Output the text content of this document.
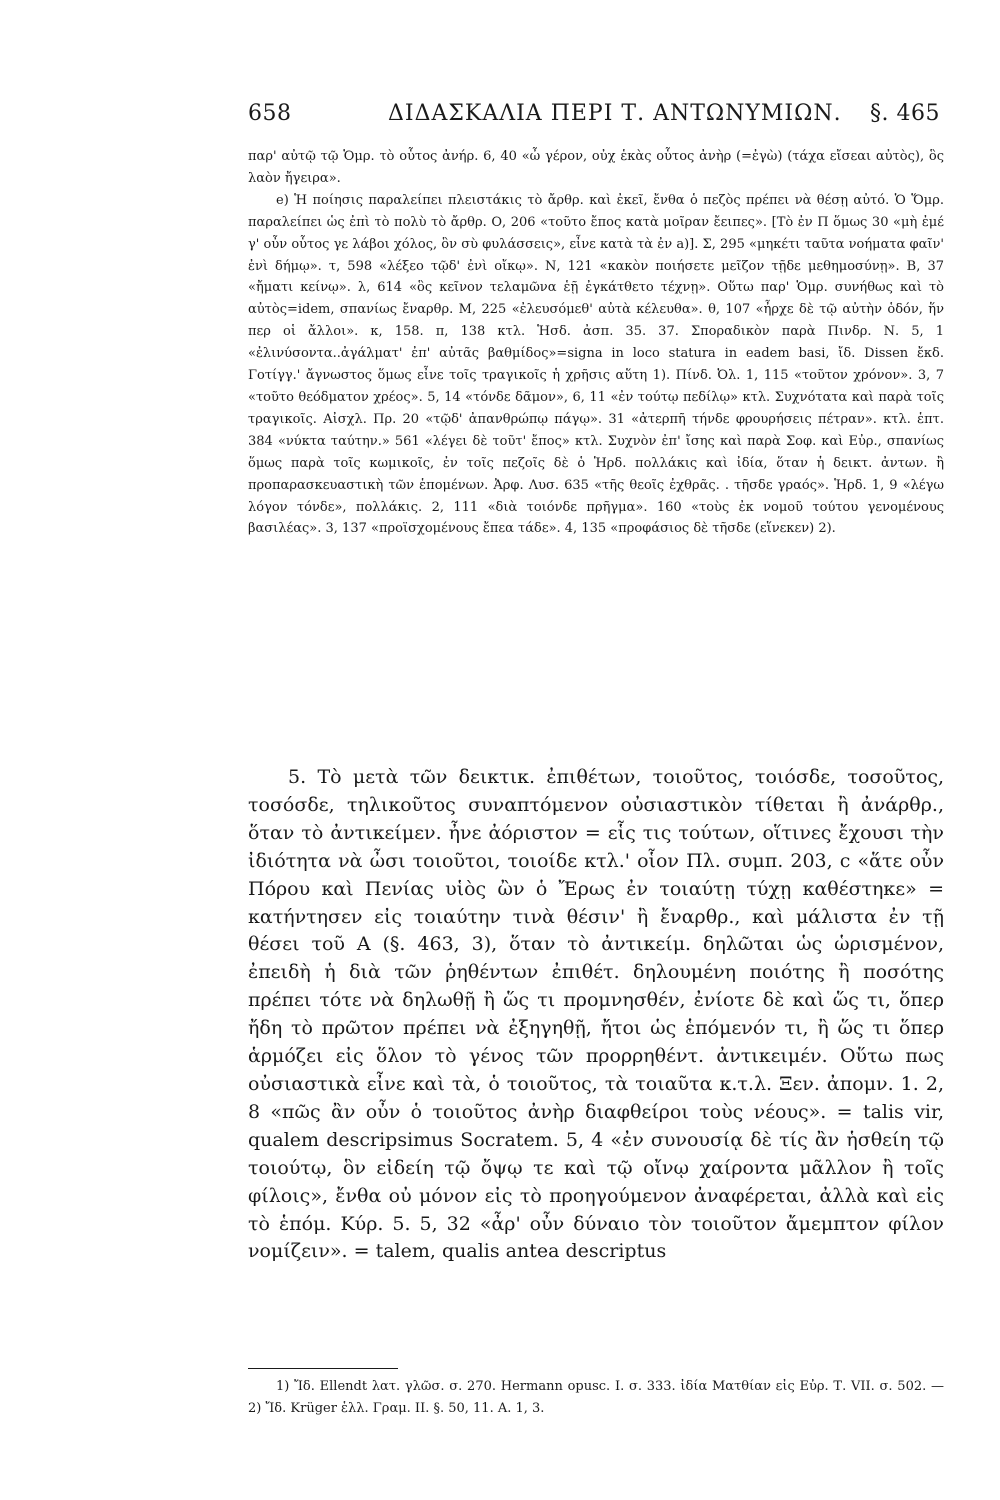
658	ΔΙΔΑΣΚΑΛΙΑ ΠΕΡΙ Τ. ΑΝΤΩΝΥΜΙΩΝ. §. 465

παρ' αὐτῷ τῷ Ὁμρ. τὸ οὗτος ἀνήρ. 6, 40 «ὦ γέρον, οὐχ ἑκὰς οὗτος ἀνὴρ (=ἐγὼ) (τάχα εἴσεαι αὐτὸς), ὃς λαὸν ἤγειρα».

e) Ἡ ποίησις παραλείπει πλειστάκις τὸ ἄρθρ. καὶ ἐκεῖ, ἔνθα ὁ πεζὸς πρέπει νὰ θέσῃ αὐτό. Ὁ Ὅμρ. παραλείπει ὡς ἐπὶ τὸ πολὺ τὸ ἄρθρ. Ο, 206 «τοῦτο ἔπος κατὰ μοῖραν ἔειπες». [Τὸ ἐν Π ὅμως 30 «μὴ ἐμέ γ' οὖν οὗτος γε λάβοι χόλος, ὃν σὺ φυλάσσεις», εἶνε κατὰ τὰ ἐν a)]. Σ, 295 «μηκέτι ταῦτα νοήματα φαῖν' ἐνὶ δήμῳ». τ, 598 «λέξεο τῷδ' ἐνὶ οἴκῳ». Ν, 121 «κακὸν ποιήσετε μεῖζον τῇδε μεθημοσύνῃ». Β, 37 «ἤματι κείνῳ». λ, 614 «ὃς κεῖνον τελαμῶνα ἑῇ ἐγκάτθετο τέχνῃ». Οὕτω παρ' Ὁμρ. συνήθως καὶ τὸ αὐτὸς=idem, σπανίως ἔναρθρ. Μ, 225 «ἐλευσόμεθ' αὐτὰ κέλευθα». θ, 107 «ἦρχε δὲ τῷ αὐτὴν ὁδόν, ἥν περ οἱ ἄλλοι». κ, 158. π, 138 κτλ. Ἡσδ. ἀσπ. 35. 37. Σποραδικὸν παρὰ Πινδρ. Ν. 5, 1 «ἐλινύσοντα..ἀγάλματ' ἐπ' αὐτᾶς βαθμίδος»=signa in loco statura in eadem basi, ἴδ. Dissen ἔκδ. Γοτίγγ.' ἄγνωστος ὅμως εἶνε τοῖς τραγικοῖς ἡ χρῆσις αὕτη 1). Πίνδ. Ὀλ. 1, 115 «τοῦτον χρόνον». 3, 7 «τοῦτο θεόδματον χρέος». 5, 14 «τόνδε δᾶμον», 6, 11 «ἐν τούτῳ πεδίλῳ» κτλ. Συχνότατα καὶ παρὰ τοῖς τραγικοῖς. Αἰσχλ. Πρ. 20 «τῷδ' ἀπανθρώπῳ πάγῳ». 31 «ἀτερπῆ τήνδε φρουρήσεις πέτραν». κτλ. ἑπτ. 384 «νύκτα ταύτην.» 561 «λέγει δὲ τοῦτ' ἔπος» κτλ. Συχνὸν ἐπ' ἴσης καὶ παρὰ Σοφ. καὶ Εὐρ., σπανίως ὅμως παρὰ τοῖς κωμικοῖς, ἐν τοῖς πεζοῖς δὲ ὁ Ἡρδ. πολλάκις καὶ ἰδία, ὅταν ἡ δεικτ. ἀντων. ἢ προπαρασκευαστικὴ τῶν ἑπομένων. Ἀρφ. Λυσ. 635 «τῆς θεοῖς ἐχθρᾶς. . τῆσδε γραός». Ἡρδ. 1, 9 «λέγω λόγον τόνδε», πολλάκις. 2, 111 «διὰ τοιόνδε πρῆγμα». 160 «τοὺς ἐκ νομοῦ τούτου γενομένους βασιλέας». 3, 137 «προϊσχομένους ἔπεα τάδε». 4, 135 «προφάσιος δὲ τῆσδε (εἵνεκεν) 2).

5. Τὸ μετὰ τῶν δεικτικ. ἐπιθέτων, τοιοῦτος, τοιόσδε, τοσοῦτος, τοσόσδε, τηλικοῦτος συναπτόμενον οὐσιαστικὸν τίθεται ἢ ἀνάρθρ., ὅταν τὸ ἀντικείμεν. ἦνε ἀόριστον = εἷς τις τούτων, οἵτινες ἔχουσι τὴν ἰδιότητα νὰ ὦσι τοιοῦτοι, τοιοίδε κτλ.' οἷον Πλ. συμπ. 203, c «ἅτε οὖν Πόρου καὶ Πενίας υἱὸς ὢν ὁ Ἔρως ἐν τοιαύτῃ τύχῃ καθέστηκε» = κατήντησεν εἰς τοιαύτην τινὰ θέσιν' ἢ ἔναρθρ., καὶ μάλιστα ἐν τῇ θέσει τοῦ Α (§. 463, 3), ὅταν τὸ ἀντικείμ. δηλῶται ὡς ὡρισμένον, ἐπειδὴ ἡ διὰ τῶν ῥηθέντων ἐπιθέτ. δηλουμένη ποιότης ἢ ποσότης πρέπει τότε νὰ δηλωθῇ ἢ ὥς τι προμνησθέν, ἐνίοτε δὲ καὶ ὥς τι, ὅπερ ἤδη τὸ πρῶτον πρέπει νὰ ἐξηγηθῇ, ἤτοι ὡς ἑπόμενόν τι, ἢ ὥς τι ὅπερ ἁρμόζει εἰς ὅλον τὸ γένος τῶν προρρηθέντ. ἀντικειμέν. Οὕτω πως οὐσιαστικὰ εἶνε καὶ τὰ, ὁ τοιοῦτος, τὰ τοιαῦτα κ.τ.λ. Ξεν. ἀπομν. 1. 2, 8 «πῶς ἂν οὖν ὁ τοιοῦτος ἀνὴρ διαφθείροι τοὺς νέους». = talis vir, qualem descripsimus Socratem. 5, 4 «ἐν συνουσίᾳ δὲ τίς ἂν ἡσθείη τῷ τοιούτῳ, ὃν εἰδείη τῷ ὄψῳ τε καὶ τῷ οἴνῳ χαίροντα μᾶλλον ἢ τοῖς φίλοις», ἔνθα οὐ μόνον εἰς τὸ προηγούμενον ἀναφέρεται, ἀλλὰ καὶ εἰς τὸ ἑπόμ. Κύρ. 5. 5, 32 «ἆρ' οὖν δύναιο τὸν τοιοῦτον ἄμεμπτον φίλον νομίζειν». = talem, qualis antea descriptus

1) Ἴδ. Ellendt λατ. γλῶσ. σ. 270. Hermann opusc. I. σ. 333. ἰδία Ματθίαν εἰς Εὐρ. Τ. VII. σ. 502. — 2) Ἴδ. Krüger ἑλλ. Γραμ. II. §. 50, 11. Α. 1, 3.
